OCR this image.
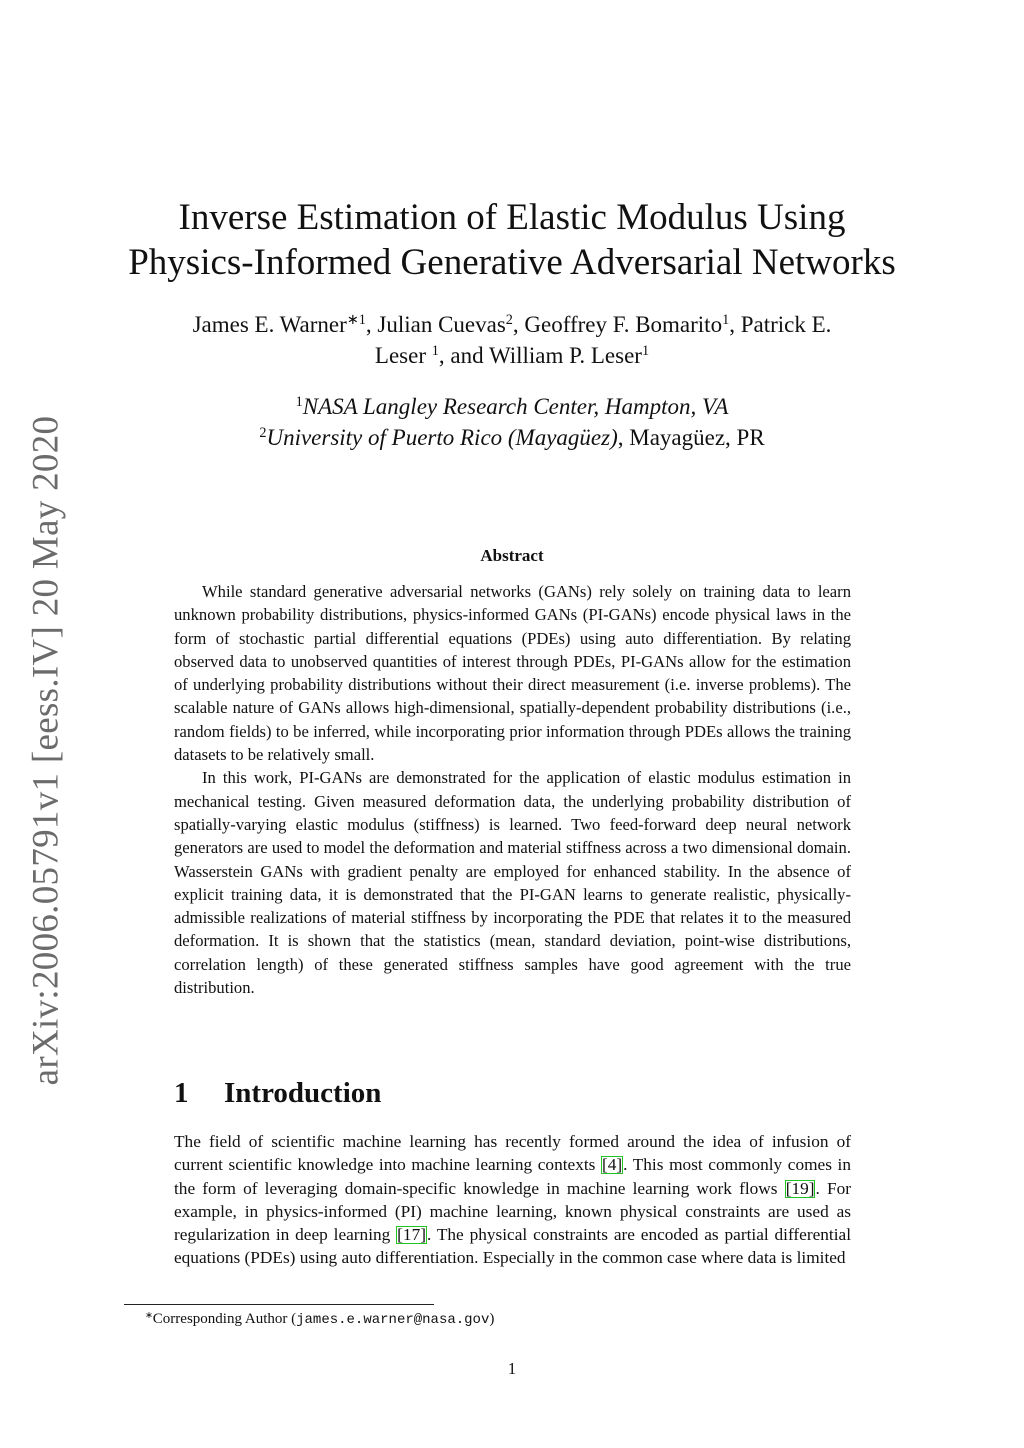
arXiv:2006.05791v1 [eess.IV] 20 May 2020
Inverse Estimation of Elastic Modulus Using
Physics-Informed Generative Adversarial Networks
James E. Warner$^{∗1}$, Julian Cuevas$^2$, Geoffrey F. Bomarito$^1$, Patrick E.
Leser $^1$, and William P. Leser$^1$
$^1$NASA Langley Research Center, Hampton, VA
$^2$University of Puerto Rico (Mayagüez), Mayagüez, PR
Abstract

While standard generative adversarial networks (GANs) rely solely on training data to learn unknown probability distributions, physics-informed GANs (PI-GANs) encode physical laws in the form of stochastic partial differential equations (PDEs) using auto differentiation. By relating observed data to unobserved quantities of interest through PDEs, PI-GANs allow for the estimation of underlying probability distributions without their direct measurement (i.e. inverse problems). The scalable nature of GANs allows high-dimensional, spatially-dependent probability distributions (i.e., random fields) to be inferred, while incorporating prior information through PDEs allows the training datasets to be relatively small.

In this work, PI-GANs are demonstrated for the application of elastic modulus estimation in mechanical testing. Given measured deformation data, the underlying probability distribution of spatially-varying elastic modulus (stiffness) is learned. Two feed-forward deep neural network generators are used to model the deformation and material stiffness across a two dimensional domain. Wasserstein GANs with gradient penalty are employed for enhanced stability. In the absence of explicit training data, it is demonstrated that the PI-GAN learns to generate realistic, physically-admissible realizations of material stiffness by incorporating the PDE that relates it to the measured deformation. It is shown that the statistics (mean, standard deviation, point-wise distributions, correlation length) of these generated stiffness samples have good agreement with the true distribution.

1 Introduction

The field of scientific machine learning has recently formed around the idea of infusion of current scientific knowledge into machine learning contexts [4]. This most commonly comes in the form of leveraging domain-specific knowledge in machine learning work flows [19]. For example, in physics-informed (PI) machine learning, known physical constraints are used as regularization in deep learning [17]. The physical constraints are encoded as partial differential equations (PDEs) using auto differentiation. Especially in the common case where data is limited

∗Corresponding Author (james.e.warner@nasa.gov)
1
